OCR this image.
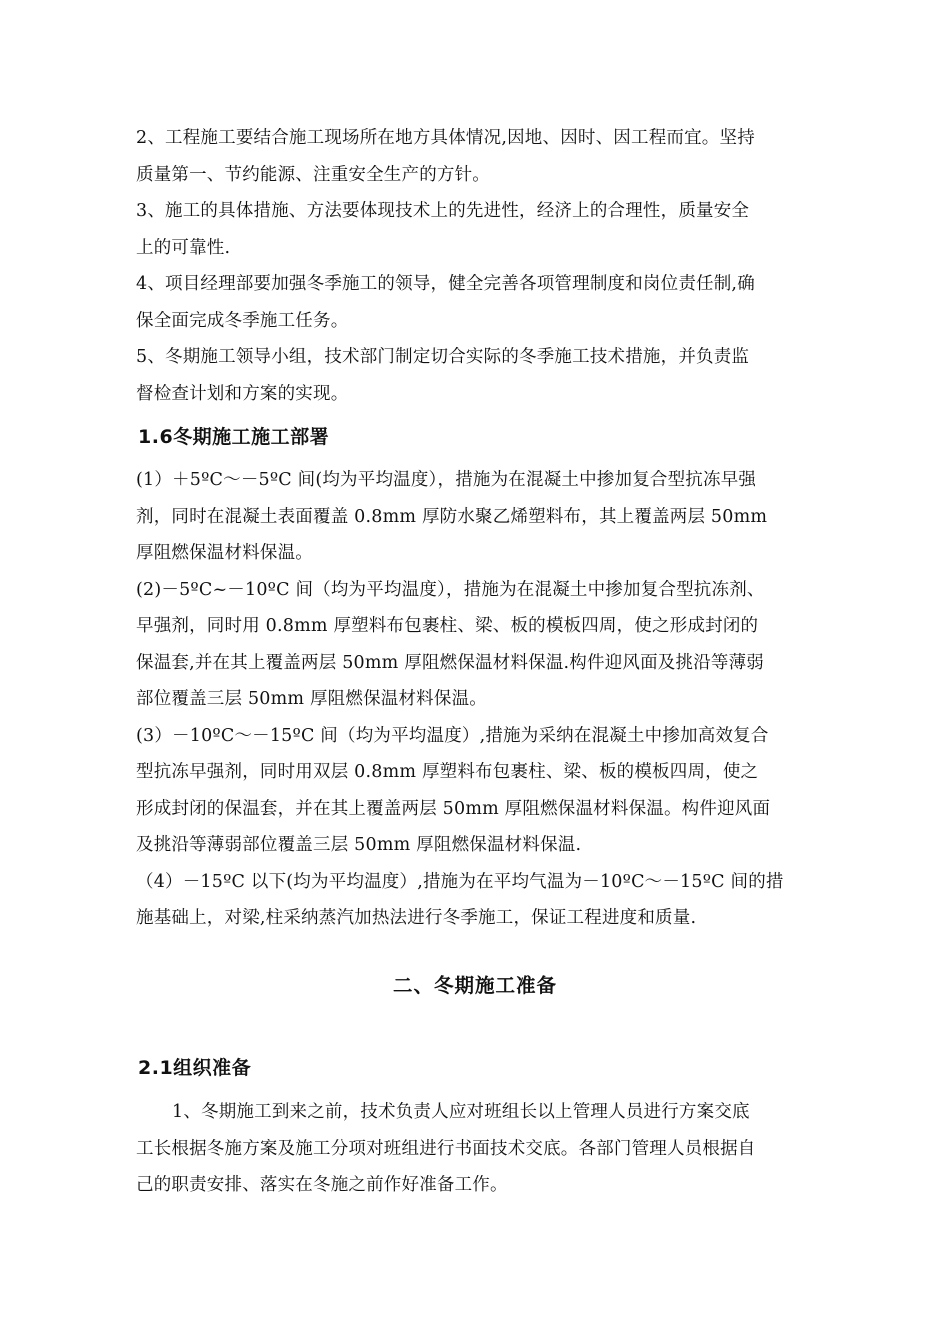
2、工程施工要结合施工现场所在地方具体情况,因地、因时、因工程而宜。坚持
质量第一、节约能源、注重安全生产的方针。
3、施工的具体措施、方法要体现技术上的先进性，经济上的合理性，质量安全
上的可靠性.
4、项目经理部要加强冬季施工的领导，健全完善各项管理制度和岗位责任制,确
保全面完成冬季施工任务。
5、冬期施工领导小组，技术部门制定切合实际的冬季施工技术措施，并负责监
督检查计划和方案的实现。
1.6冬期施工施工部署
(1）＋5ºC～－5ºC 间(均为平均温度），措施为在混凝土中掺加复合型抗冻早强
剂，同时在混凝土表面覆盖 0.8mm 厚防水聚乙烯塑料布，其上覆盖两层 50mm
厚阻燃保温材料保温。
(2)－5ºC~－10ºC 间（均为平均温度），措施为在混凝土中掺加复合型抗冻剂、
早强剂，同时用 0.8mm 厚塑料布包裹柱、梁、板的模板四周，使之形成封闭的
保温套,并在其上覆盖两层 50mm 厚阻燃保温材料保温.构件迎风面及挑沿等薄弱
部位覆盖三层 50mm 厚阻燃保温材料保温。
(3）－10ºC～－15ºC 间（均为平均温度）,措施为采纳在混凝土中掺加高效复合
型抗冻早强剂，同时用双层 0.8mm 厚塑料布包裹柱、梁、板的模板四周，使之
形成封闭的保温套，并在其上覆盖两层 50mm 厚阻燃保温材料保温。构件迎风面
及挑沿等薄弱部位覆盖三层 50mm 厚阻燃保温材料保温.
（4）－15ºC 以下(均为平均温度）,措施为在平均气温为－10ºC～－15ºC 间的措
施基础上，对梁,柱采纳蒸汽加热法进行冬季施工，保证工程进度和质量.
二、冬期施工准备
2.1组织准备
1、冬期施工到来之前，技术负责人应对班组长以上管理人员进行方案交底
工长根据冬施方案及施工分项对班组进行书面技术交底。各部门管理人员根据自
己的职责安排、落实在冬施之前作好准备工作。
